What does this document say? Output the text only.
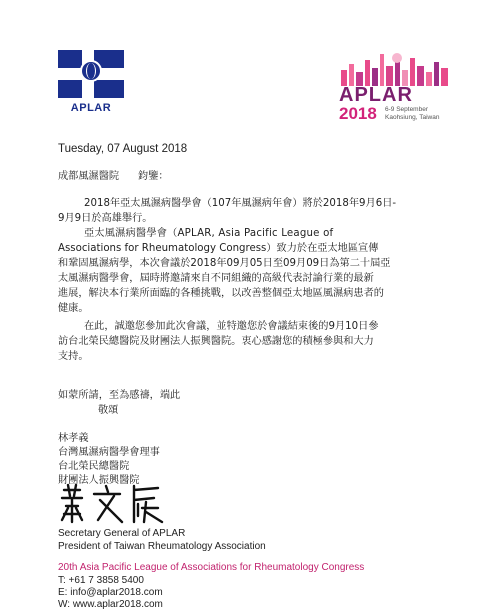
APLAR
APLAR
2018 6-9 September
Kaohsiung, Taiwan
Tuesday, 07 August 2018
成都風濕醫院 鈞鑒：
2018年亞太風濕病醫學會（107年風濕病年會）將於2018年9月6日-
9月9日於高雄舉行。
亞太風濕病醫學會（APLAR, Asia Pacific League of
Associations for Rheumatology Congress）致力於在亞太地區宣傳
和鞏固風濕病學，本次會議於2018年09月05日至09月09日為第二十屆亞
太風濕病醫學會，屆時將邀請來自不同組織的高級代表討論行業的最新
進展，解決本行業所面臨的各種挑戰，以改善整個亞太地區風濕病患者的
健康。
在此，誠邀您參加此次會議，並特邀您於會議結束後的9月10日參
訪台北榮民總醫院及財團法人振興醫院。衷心感謝您的積極參與和大力
支持。
如蒙所請，至為感禱，端此
敬頌
林孝義
台灣風濕病醫學會理事
台北榮民總醫院
財團法人振興醫院
Secretary General of APLAR
President of Taiwan Rheumatology Association
20th Asia Pacific League of Associations for Rheumatology Congress
T: +61 7 3858 5400
E: info@aplar2018.com
W: www.aplar2018.com
